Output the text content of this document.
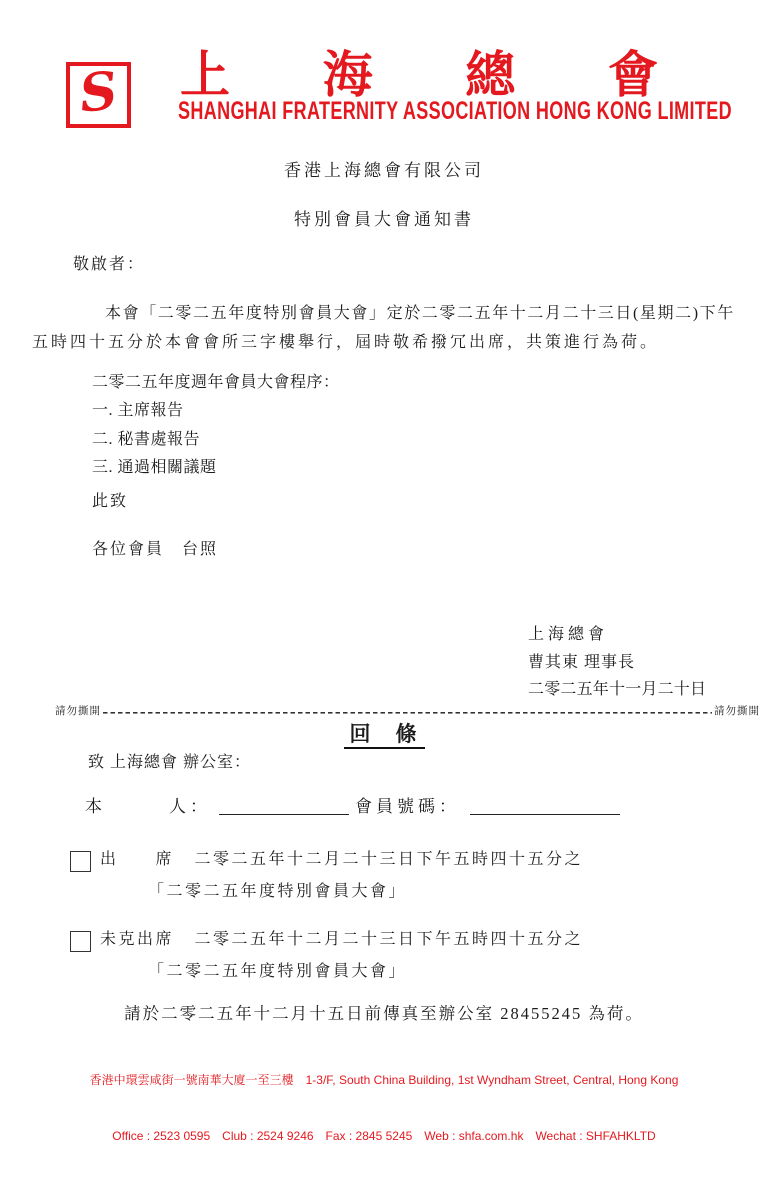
S 上 海 總 會
SHANGHAI FRATERNITY ASSOCIATION HONG KONG LIMITED
香港上海總會有限公司
特別會員大會通知書
敬啟者：
本會「二零二五年度特別會員大會」定於二零二五年十二月二十三日(星期二)下午
五時四十五分於本會會所三字樓舉行，屆時敬希撥冗出席，共策進行為荷。
二零二五年度週年會員大會程序：
一. 主席報告
二. 秘書處報告
三. 通過相關議題
此致
各位會員　台照
上海總會
曹其東 理事長
二零二五年十一月二十日
請勿撕開	請勿撕開
回　條
致 上海總會 辦公室：
本　　　人：	會員號碼：
出　　席 二零二五年十二月二十三日下午五時四十五分之
「二零二五年度特別會員大會」
未克出席 二零二五年十二月二十三日下午五時四十五分之
「二零二五年度特別會員大會」
請於二零二五年十二月十五日前傳真至辦公室 28455245 為荷。

香港中環雲咸街一號南華大廈一至三樓　1-3/F, South China Building, 1st Wyndham Street, Central, Hong Kong

Office : 2523 0595　Club : 2524 9246　Fax : 2845 5245　Web : shfa.com.hk　Wechat : SHFAHKLTD
